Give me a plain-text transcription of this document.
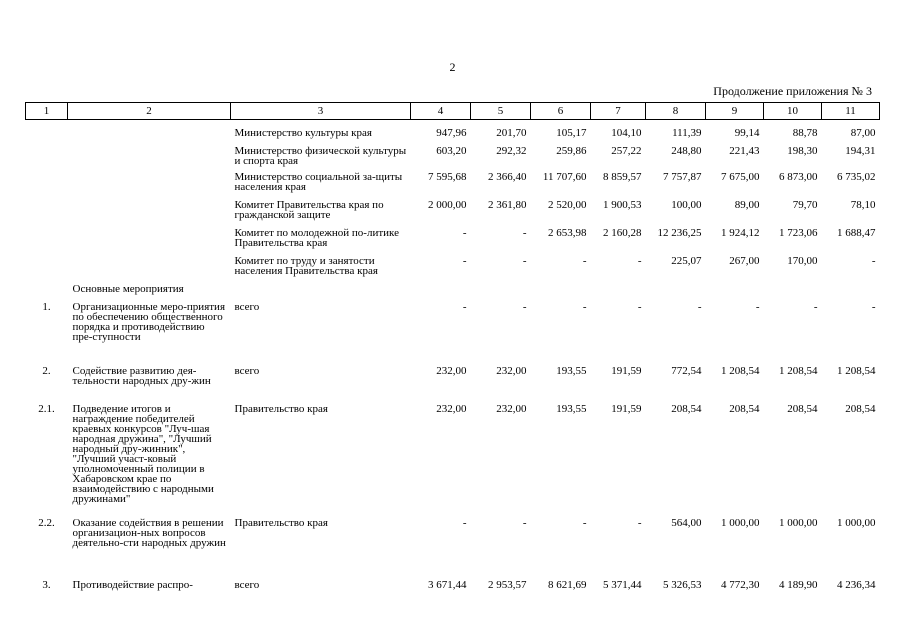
2
Продолжение приложения № 3
1	2	3	4	5	6	7	8	9	10	11
		Министерство культуры края	947,96	201,70	105,17	104,10	111,39	99,14	88,78	87,00
		Министерство физической культуры и спорта края	603,20	292,32	259,86	257,22	248,80	221,43	198,30	194,31
		Министерство социальной за-щиты населения края	7 595,68	2 366,40	11 707,60	8 859,57	7 757,87	7 675,00	6 873,00	6 735,02
		Комитет Правительства края по гражданской защите	2 000,00	2 361,80	2 520,00	1 900,53	100,00	89,00	79,70	78,10
		Комитет по молодежной по-литике Правительства края	-	-	2 653,98	2 160,28	12 236,25	1 924,12	1 723,06	1 688,47
		Комитет по труду и занятости населения Правительства края	-	-	-	-	225,07	267,00	170,00	-
	Основные мероприятия									
1.	Организационные меро-приятия по обеспечению общественного порядка и противодействию пре-ступности	всего	-	-	-	-	-	-	-	-
2.	Содействие развитию дея-тельности народных дру-жин	всего	232,00	232,00	193,55	191,59	772,54	1 208,54	1 208,54	1 208,54
2.1.	Подведение итогов и награждение победителей краевых конкурсов "Луч-шая народная дружина", "Лучший народный дру-жинник", "Лучший участ-ковый уполномоченный полиции в Хабаровском крае по взаимодействию с народными дружинами"	Правительство края	232,00	232,00	193,55	191,59	208,54	208,54	208,54	208,54
2.2.	Оказание содействия в решении организацион-ных вопросов деятельно-сти народных дружин	Правительство края	-	-	-	-	564,00	1 000,00	1 000,00	1 000,00
3.	Противодействие распро-	всего	3 671,44	2 953,57	8 621,69	5 371,44	5 326,53	4 772,30	4 189,90	4 236,34
